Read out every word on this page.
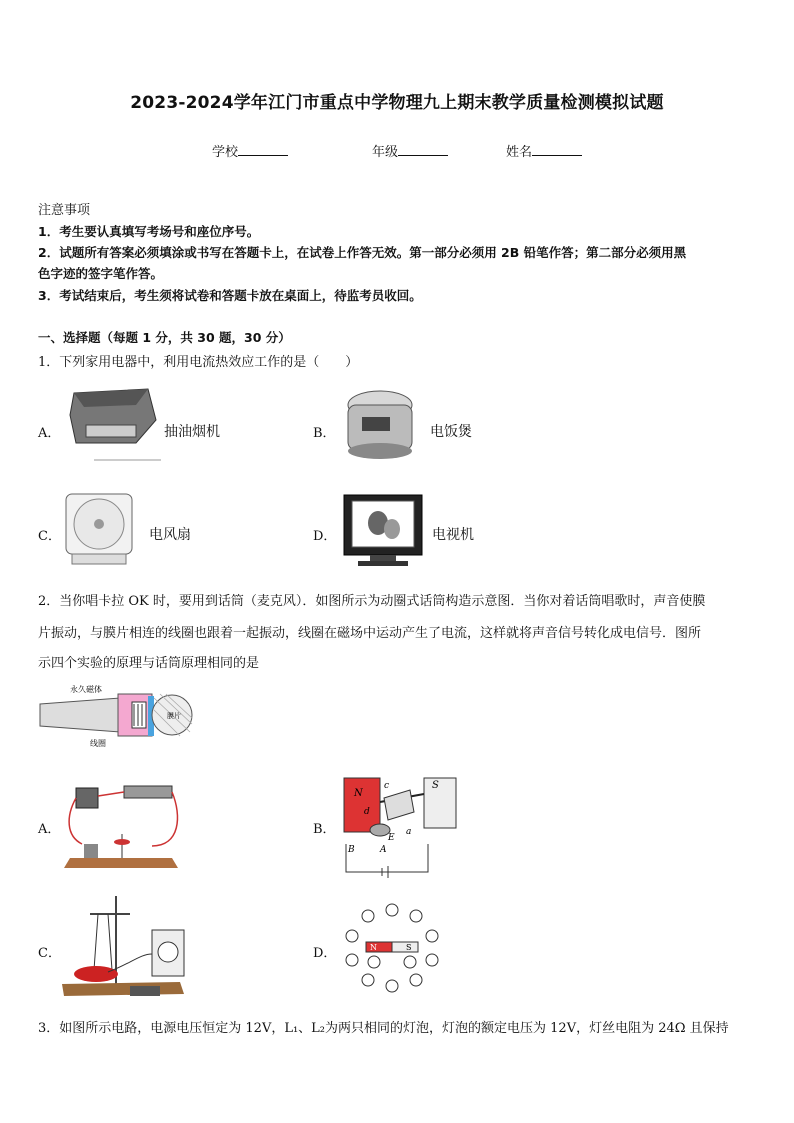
2023-2024学年江门市重点中学物理九上期末教学质量检测模拟试题
学校	年级	姓名
注意事项
1．考生要认真填写考场号和座位序号。
2．试题所有答案必须填涂或书写在答题卡上，在试卷上作答无效。第一部分必须用 2B 铅笔作答；第二部分必须用黑
色字迹的签字笔作答。
3．考试结束后，考生须将试卷和答题卡放在桌面上，待监考员收回。
一、选择题（每题 1 分，共 30 题，30 分）
1．下列家用电器中，利用电流热效应工作的是（　　）
A．	抽油烟机	B．	电饭煲
C．	电风扇	D．	电视机
2．当你唱卡拉 OK 时，要用到话筒（麦克风）．如图所示为动圈式话筒构造示意图．当你对着话筒唱歌时，声音使膜
片振动，与膜片相连的线圈也跟着一起振动，线圈在磁场中运动产生了电流，这样就将声音信号转化成电信号．图所
示四个实验的原理与话筒原理相同的是
永久磁体
线圈
膜片
A．	B．
N
S
c
d
a
B	A
E
C．
N
D．	N	S
3．如图所示电路，电源电压恒定为 12V，L₁、L₂为两只相同的灯泡，灯泡的额定电压为 12V，灯丝电阻为 24Ω 且保持
